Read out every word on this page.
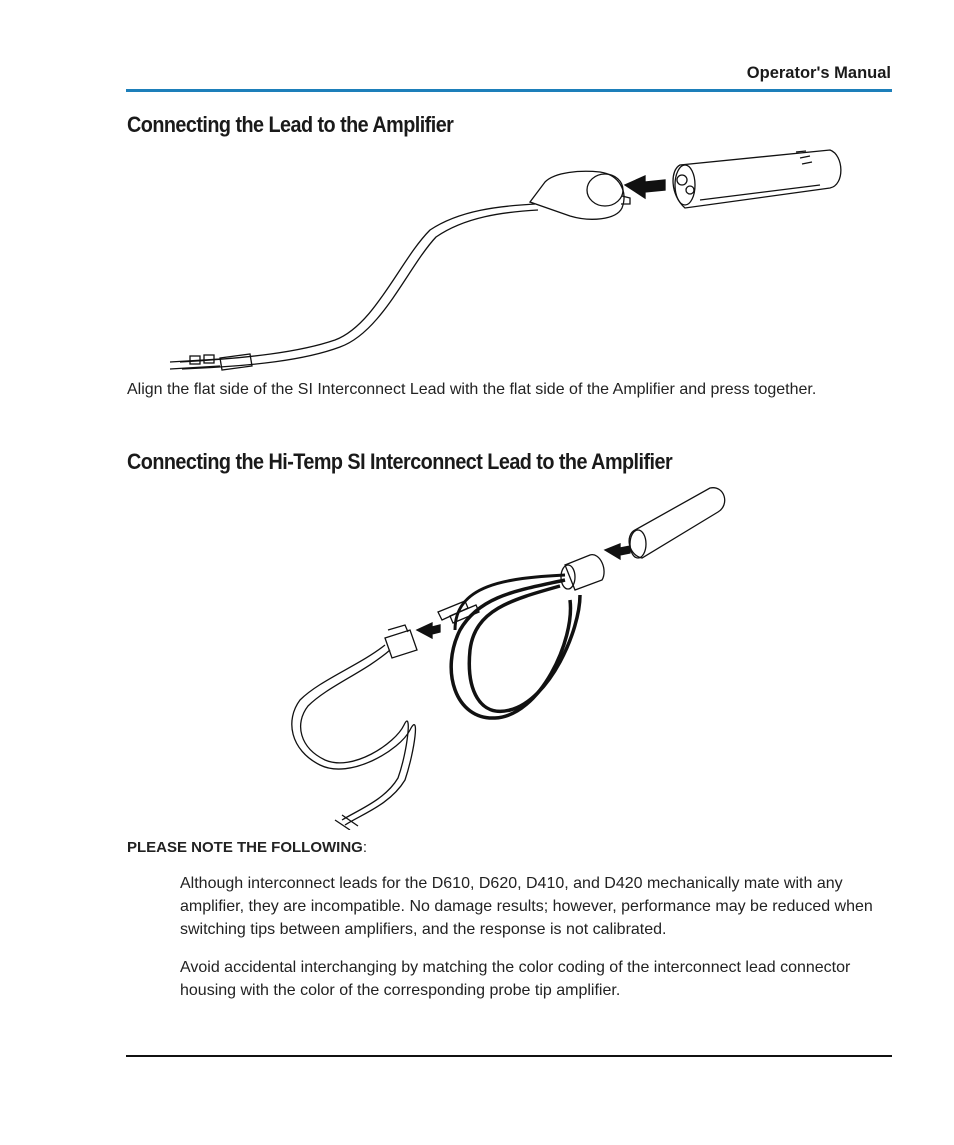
Operator's Manual
Connecting the Lead to the Amplifier
Align the flat side of the SI Interconnect Lead with the flat side of the Amplifier and press together.
Connecting the Hi-Temp SI Interconnect Lead to the Amplifier
PLEASE NOTE THE FOLLOWING:
Although interconnect leads for the D610, D620, D410, and D420 mechanically mate with any amplifier, they are incompatible. No damage results; however, performance may be reduced when switching tips between amplifiers, and the response is not calibrated.
Avoid accidental interchanging by matching the color coding of the interconnect lead connector housing with the color of the corresponding probe tip amplifier.
